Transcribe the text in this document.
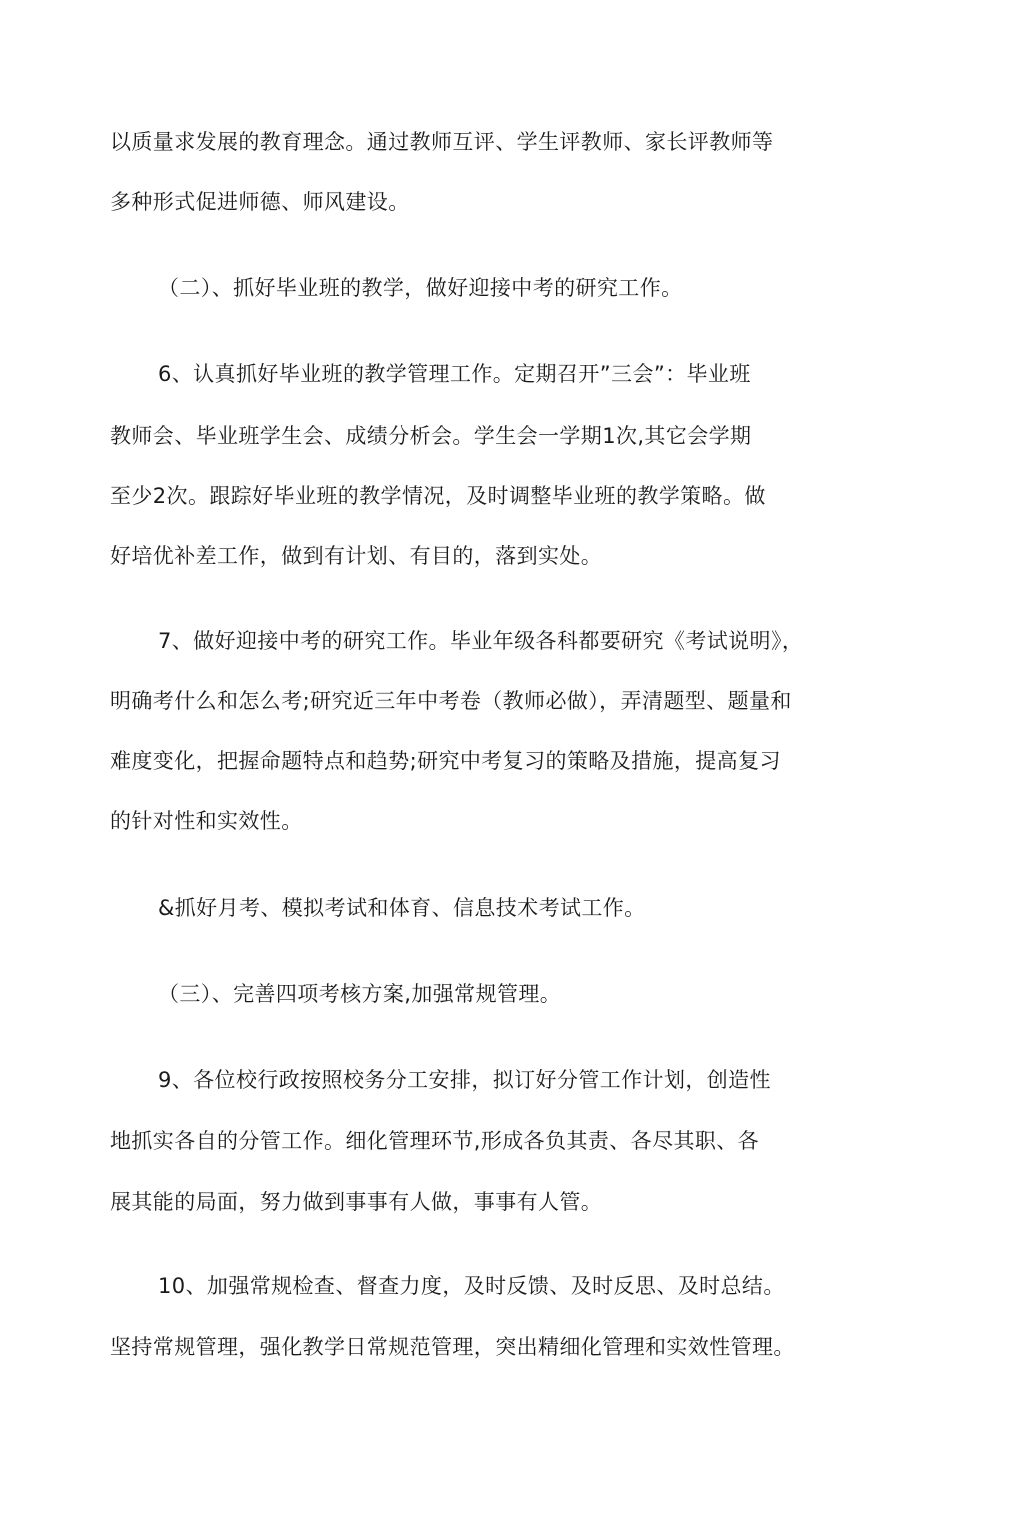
以质量求发展的教育理念。通过教师互评、学生评教师、家长评教师等
多种形式促进师德、师风建设。
（二）、抓好毕业班的教学，做好迎接中考的研究工作。
6、认真抓好毕业班的教学管理工作。定期召开”三会”：毕业班
教师会、毕业班学生会、成绩分析会。学生会一学期1次,其它会学期
至少2次。跟踪好毕业班的教学情况，及时调整毕业班的教学策略。做
好培优补差工作，做到有计划、有目的，落到实处。
7、做好迎接中考的研究工作。毕业年级各科都要研究《考试说明》，
明确考什么和怎么考;研究近三年中考卷（教师必做），弄清题型、题量和
难度变化，把握命题特点和趋势;研究中考复习的策略及措施，提高复习
的针对性和实效性。
&抓好月考、模拟考试和体育、信息技术考试工作。
（三）、完善四项考核方案,加强常规管理。
9、各位校行政按照校务分工安排，拟订好分管工作计划，创造性
地抓实各自的分管工作。细化管理环节,形成各负其责、各尽其职、各
展其能的局面，努力做到事事有人做，事事有人管。
10、加强常规检查、督查力度，及时反馈、及时反思、及时总结。
坚持常规管理，强化教学日常规范管理，突出精细化管理和实效性管理。
